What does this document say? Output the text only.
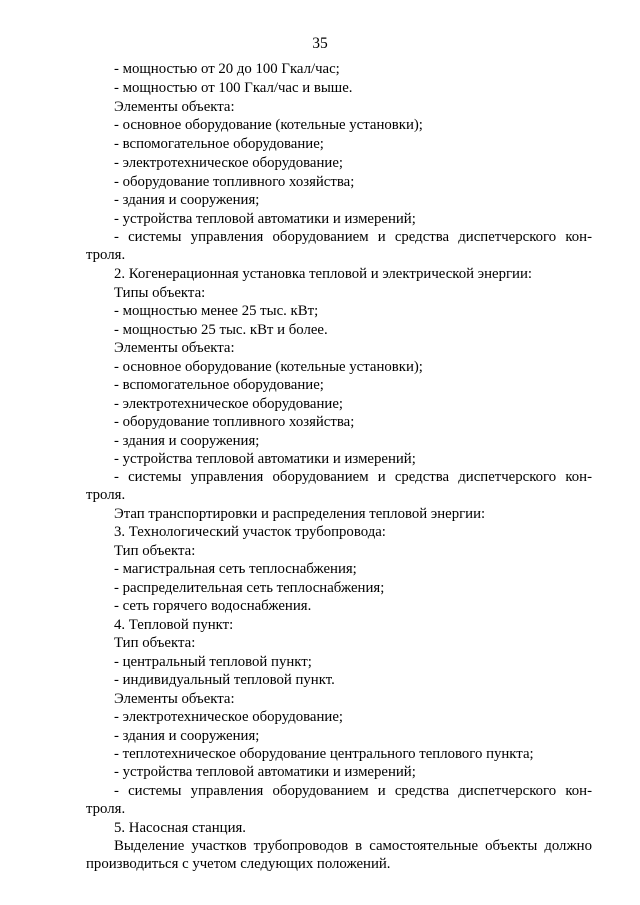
35
- мощностью от 20 до 100 Гкал/час;
- мощностью от 100 Гкал/час и выше.
Элементы объекта:
- основное оборудование (котельные установки);
- вспомогательное оборудование;
- электротехническое оборудование;
- оборудование топливного хозяйства;
- здания и сооружения;
- устройства тепловой автоматики и измерений;
- системы управления оборудованием и средства диспетчерского кон-
троля.
2. Когенерационная установка тепловой и электрической энергии:
Типы объекта:
- мощностью менее 25 тыс. кВт;
- мощностью 25 тыс. кВт и более.
Элементы объекта:
- основное оборудование (котельные установки);
- вспомогательное оборудование;
- электротехническое оборудование;
- оборудование топливного хозяйства;
- здания и сооружения;
- устройства тепловой автоматики и измерений;
- системы управления оборудованием и средства диспетчерского кон-
троля.
Этап транспортировки и распределения тепловой энергии:
3. Технологический участок трубопровода:
Тип объекта:
- магистральная сеть теплоснабжения;
- распределительная сеть теплоснабжения;
- сеть горячего водоснабжения.
4. Тепловой пункт:
Тип объекта:
- центральный тепловой пункт;
- индивидуальный тепловой пункт.
Элементы объекта:
- электротехническое оборудование;
- здания и сооружения;
- теплотехническое оборудование центрального теплового пункта;
- устройства тепловой автоматики и измерений;
- системы управления оборудованием и средства диспетчерского кон-
троля.
5. Насосная станция.
Выделение участков трубопроводов в самостоятельные объекты должно
производиться с учетом следующих положений.
